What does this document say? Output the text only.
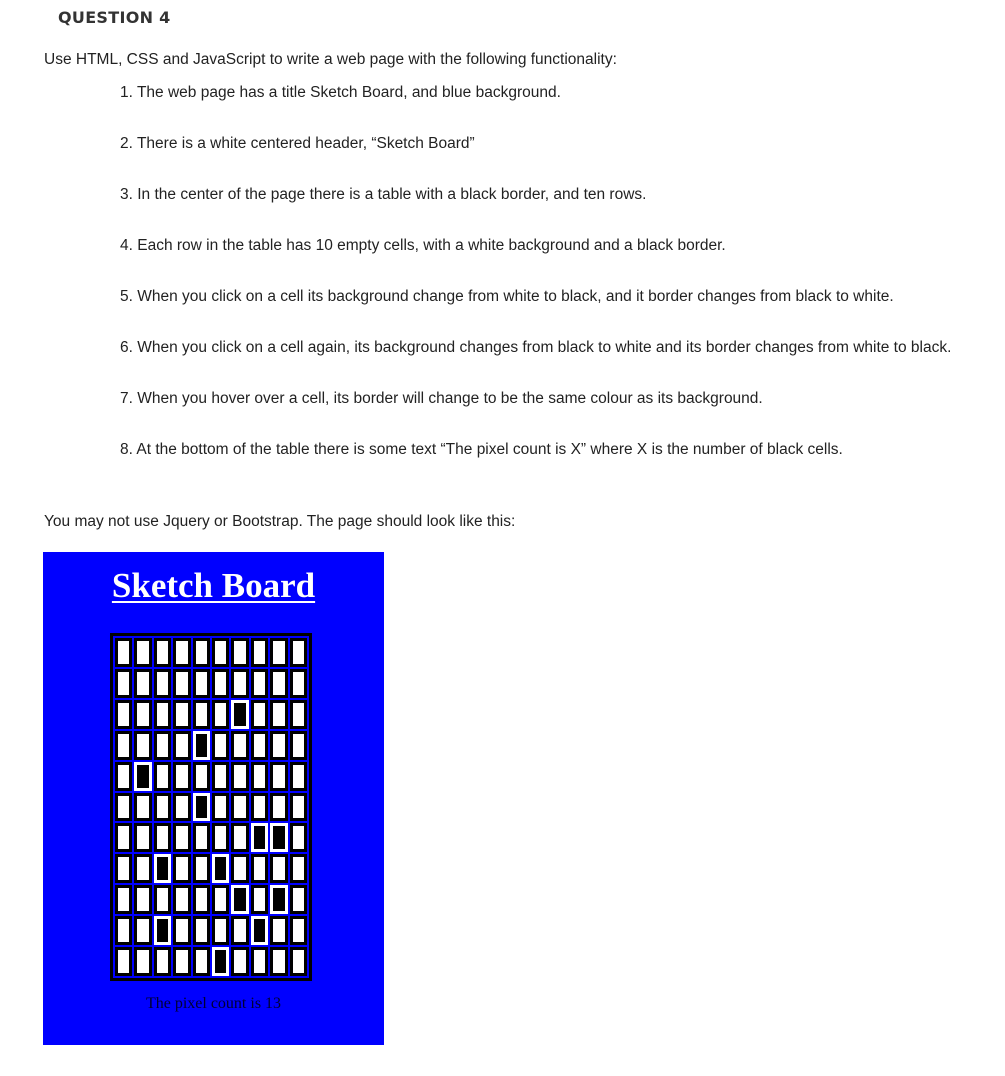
QUESTION 4

Use HTML, CSS and JavaScript to write a web page with the following functionality:

1. The web page has a title Sketch Board, and blue background.
2. There is a white centered header, “Sketch Board”
3. In the center of the page there is a table with a black border, and ten rows.
4. Each row in the table has 10 empty cells, with a white background and a black border.
5. When you click on a cell its background change from white to black, and it border changes from black to white.
6. When you click on a cell again, its background changes from black to white and its border changes from white to black.
7. When you hover over a cell, its border will change to be the same colour as its background.
8. At the bottom of the table there is some text “The pixel count is X” where X is the number of black cells.

You may not use Jquery or Bootstrap. The page should look like this:

Sketch Board

The pixel count is 13
